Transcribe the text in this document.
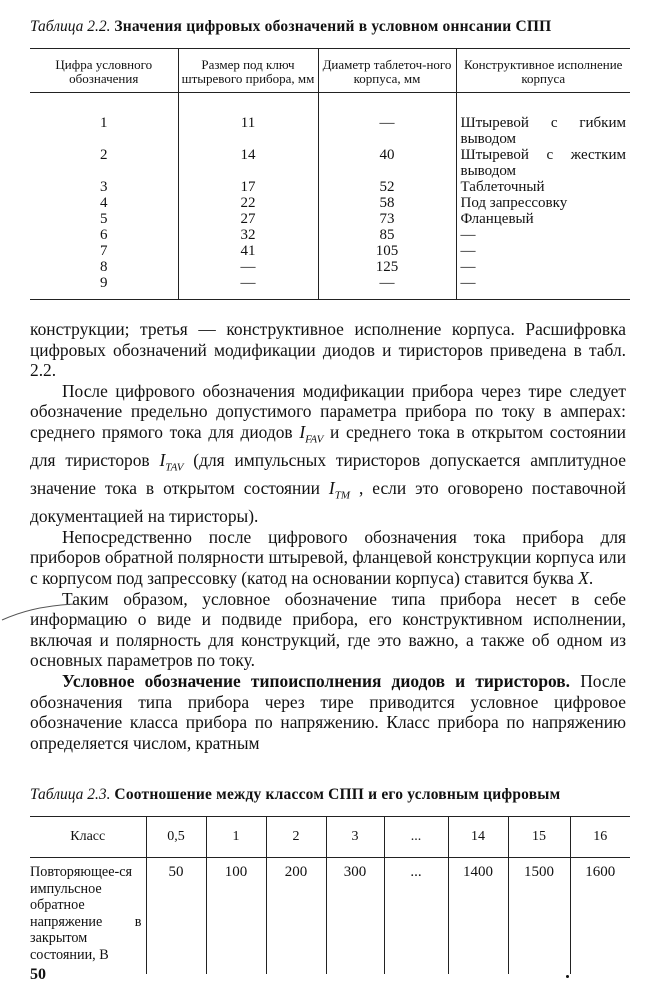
Таблица 2.2. Значения цифровых обозначений в условном оннсании СПП
Цифра условного обозначения	Размер под ключ штыревого прибора, мм	Диаметр таблеточ-ного корпуса, мм	Конструктивное исполнение корпуса
1	11	—	Штыревой с гибким выводом
2	14	40	Штыревой с жестким выводом
3	17	52	Таблеточный
4	22	58	Под запрессовку
5	27	73	Фланцевый
6	32	85	—
7	41	105	—
8	—	125	—
9	—	—	—

конструкции; третья — конструктивное исполнение корпуса. Расшифровка цифровых обозначений модификации диодов и тиристоров приведена в табл. 2.2.

После цифрового обозначения модификации прибора через тире следует обозначение предельно допустимого параметра прибора по току в амперах: среднего прямого тока для диодов $I_{FAV}$ и среднего тока в открытом состоянии для тиристоров $I_{TAV}$ (для импульсных тиристоров допускается амплитудное значение тока в открытом состоянии $I_{TM}$ , если это оговорено поставочной документацией на тиристоры).

Непосредственно после цифрового обозначения тока прибора для приборов обратной полярности штыревой, фланцевой конструкции корпуса или с корпусом под запрессовку (катод на основании корпуса) ставится буква X.

Таким образом, условное обозначение типа прибора несет в себе информацию о виде и подвиде прибора, его конструктивном исполнении, включая и полярность для конструкций, где это важно, а также об одном из основных параметров по току.

Условное обозначение типоисполнения диодов и тиристоров. После обозначения типа прибора через тире приводится условное цифровое обозначение класса прибора по напряжению. Класс прибора по напряжению определяется числом, кратным

Таблица 2.3. Соотношение между классом СПП и его условным цифровым
Класс	0,5	1	2	3	...	14	15	16
Повторяющее-ся импульсное обратное напряжение в закрытом состоянии, В	50	100	200	300	...	1400	1500	1600
50
